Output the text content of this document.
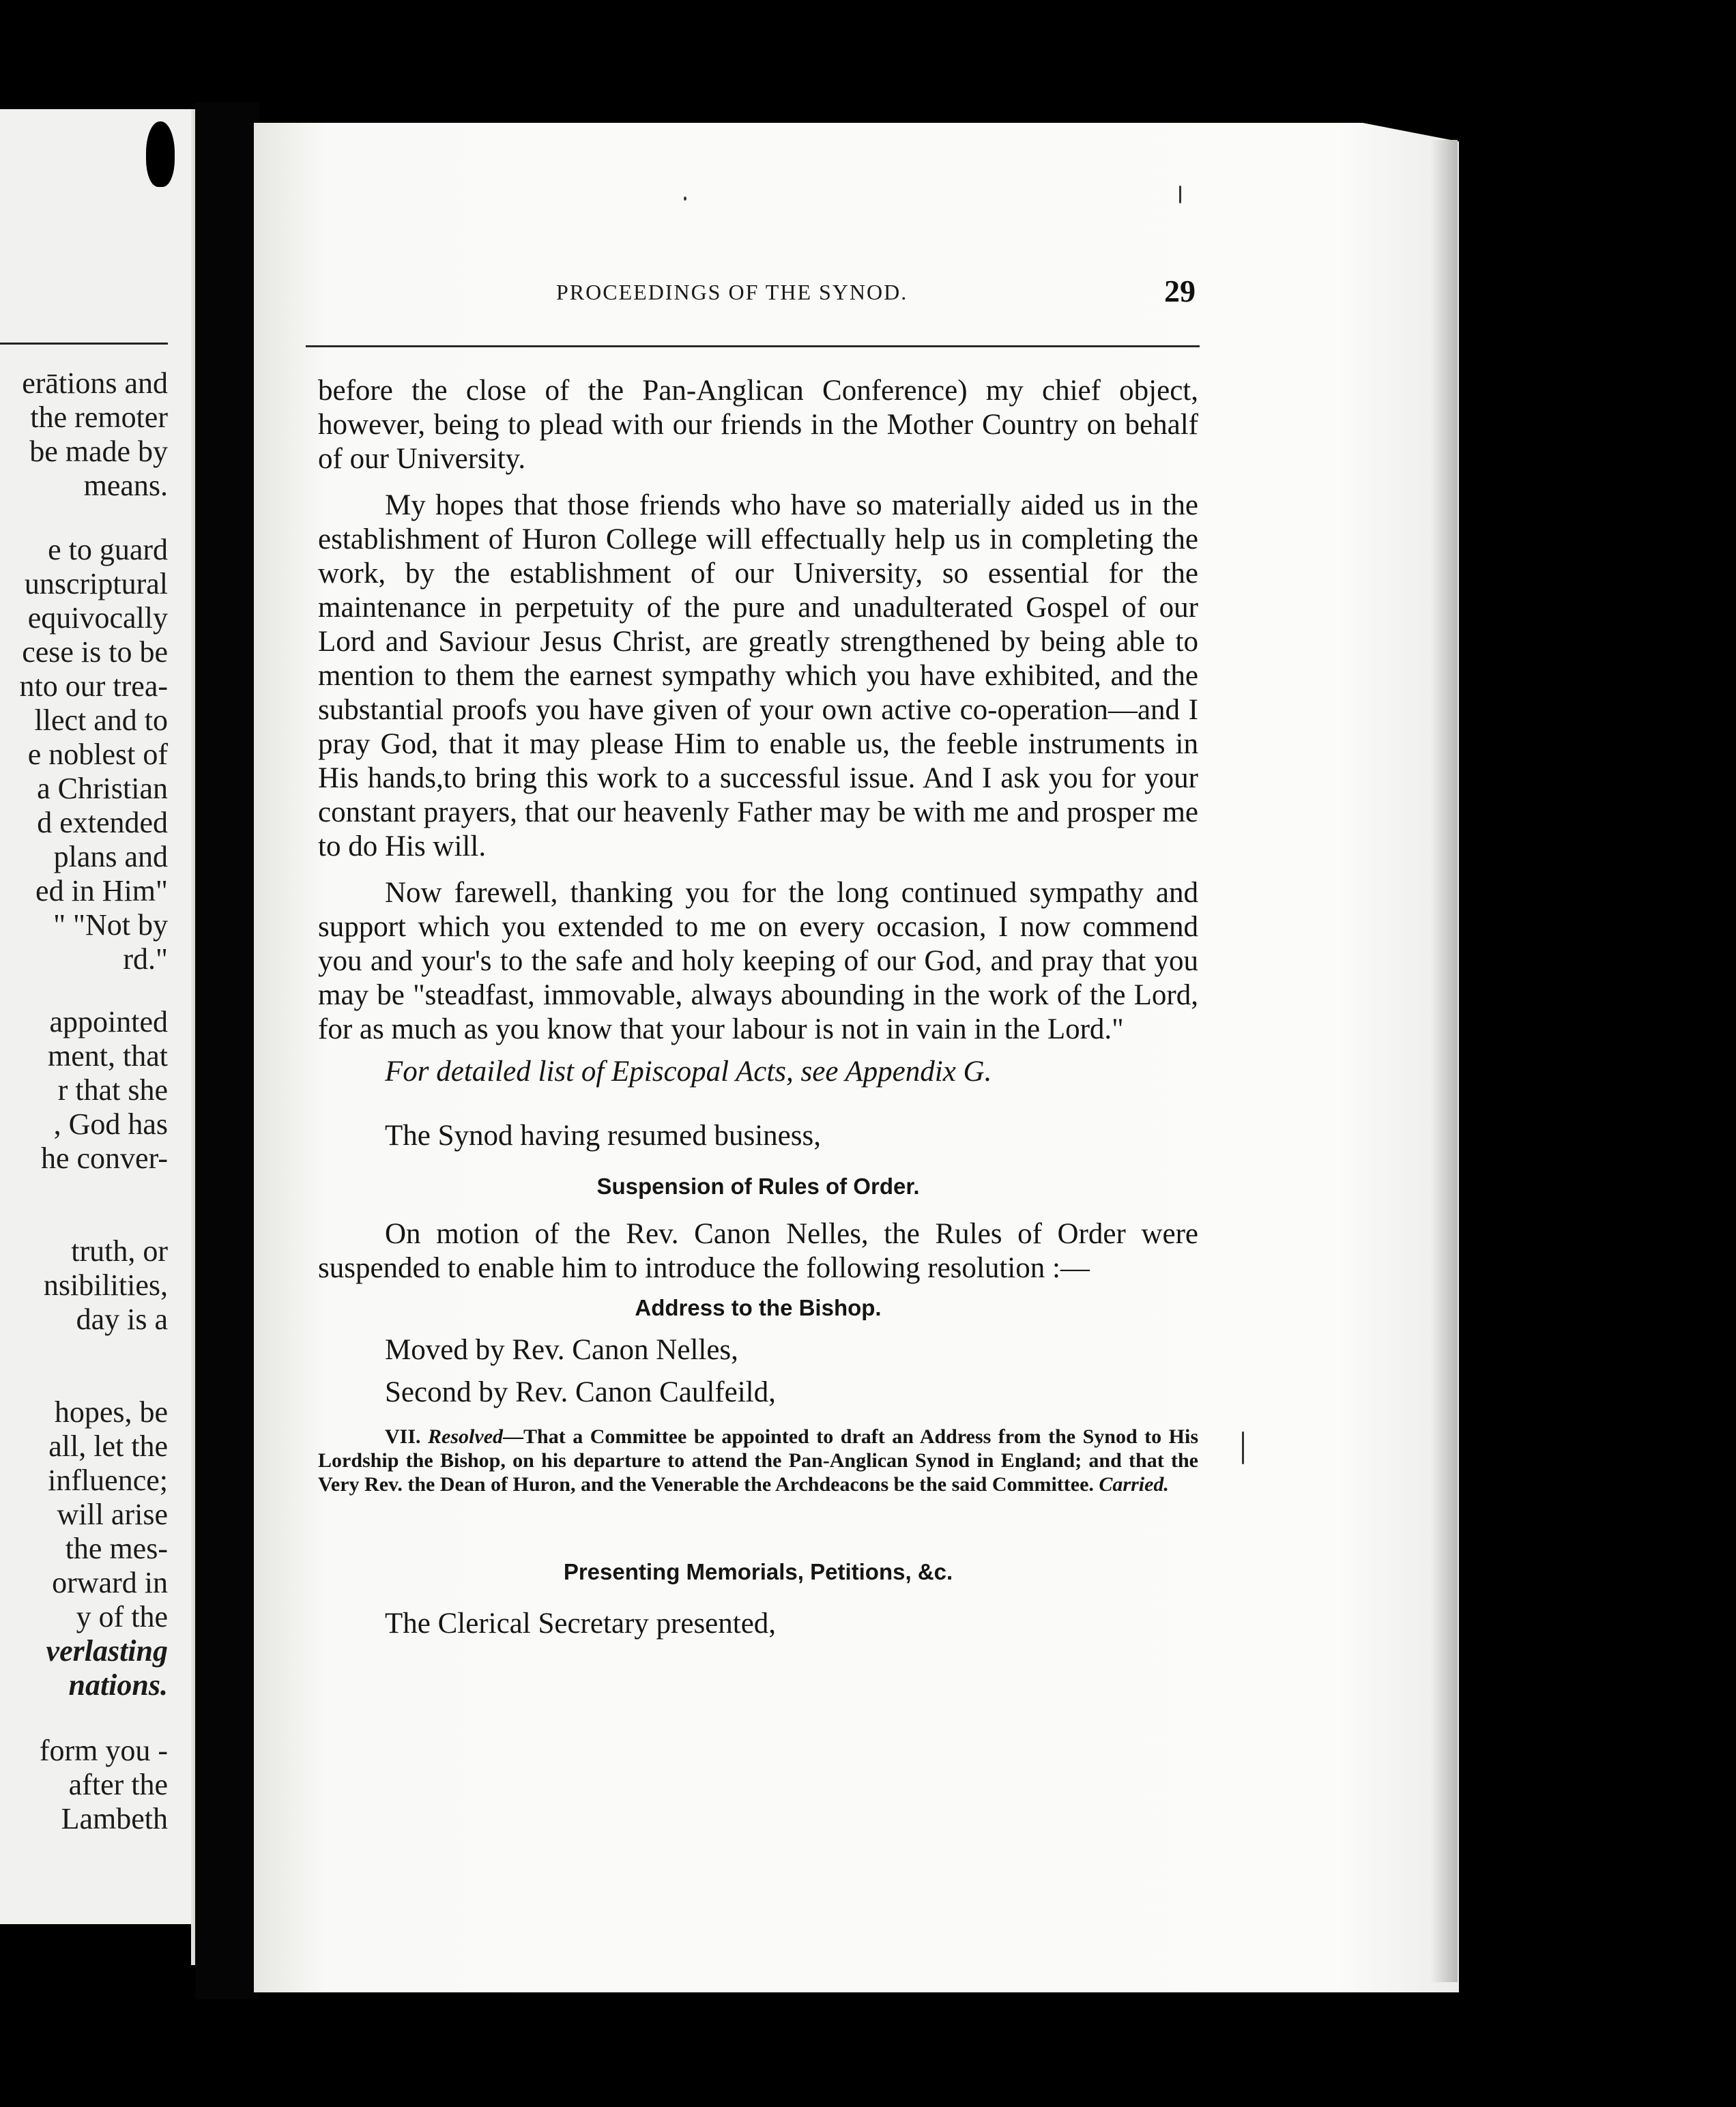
erātions and
the remoter
be made by
means.
e to guard
unscriptural
equivocally
cese is to be
nto our trea-
llect and to
e noblest of
a Christian
d extended
plans and
ed in Him"
" "Not by
rd."
appointed
ment, that
r that she
, God has
he conver-
truth, or
nsibilities,
day is a
hopes, be
all, let the
influence;
will arise
the mes-
orward in
y of the
verlasting
nations.
form you -
after the
Lambeth
PROCEEDINGS OF THE SYNOD.	29

before the close of the Pan-Anglican Conference) my chief object, however, being to plead with our friends in the Mother Country on behalf of our University.

My hopes that those friends who have so materially aided us in the establishment of Huron College will effectually help us in completing the work, by the establishment of our University, so essential for the maintenance in perpetuity of the pure and unadulterated Gospel of our Lord and Saviour Jesus Christ, are greatly strengthened by being able to mention to them the earnest sympathy which you have exhibited, and the substantial proofs you have given of your own active co-operation—and I pray God, that it may please Him to enable us, the feeble instruments in His hands,to bring this work to a successful issue. And I ask you for your constant prayers, that our heavenly Father may be with me and prosper me to do His will.

Now farewell, thanking you for the long continued sympathy and support which you extended to me on every occasion, I now commend you and your's to the safe and holy keeping of our God, and pray that you may be "steadfast, immovable, always abounding in the work of the Lord, for as much as you know that your labour is not in vain in the Lord."

For detailed list of Episcopal Acts, see Appendix G.
The Synod having resumed business,
Suspension of Rules of Order.

On motion of the Rev. Canon Nelles, the Rules of Order were suspended to enable him to introduce the following resolution :—

Address to the Bishop.
Moved by Rev. Canon Nelles,
Second by Rev. Canon Caulfeild,

VII. Resolved—That a Committee be appointed to draft an Address from the Synod to His Lordship the Bishop, on his departure to attend the Pan-Anglican Synod in England; and that the Very Rev. the Dean of Huron, and the Venerable the Archdeacons be the said Committee. Carried.

Presenting Memorials, Petitions, &c.
The Clerical Secretary presented,
